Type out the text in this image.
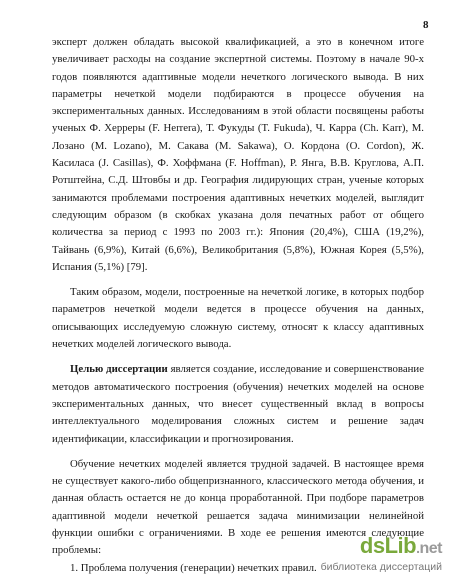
8

эксперт должен обладать высокой квалификацией, а это в конечном итоге увеличивает расходы на создание экспертной системы. Поэтому в начале 90-х годов появляются адаптивные модели нечеткого логического вывода. В них параметры нечеткой модели подбираются в процессе обучения на экспериментальных данных. Исследованиям в этой области посвящены работы ученых Ф. Херреры (F. Herrera), Т. Фукуды (T. Fukuda), Ч. Карра (Ch. Karr), М. Лозано (M. Lozano), М. Сакава (M. Sakawa), О. Кордона (O. Cordon), Ж. Касиласа (J. Casillas), Ф. Хоффмана (F. Hoffman), Р. Янга, В.В. Круглова, А.П. Ротштейна, С.Д. Штовбы и др. География лидирующих стран, ученые которых занимаются проблемами построения адаптивных нечетких моделей, выглядит следующим образом (в скобках указана доля печатных работ от общего количества за период с 1993 по 2003 гг.): Япония (20,4%), США (19,2%), Тайвань (6,9%), Китай (6,6%), Великобритания (5,8%), Южная Корея (5,5%), Испания (5,1%) [79].

Таким образом, модели, построенные на нечеткой логике, в которых подбор параметров нечеткой модели ведется в процессе обучения на данных, описывающих исследуемую сложную систему, относят к классу адаптивных нечетких моделей логического вывода.

Целью диссертации является создание, исследование и совершенствование методов автоматического построения (обучения) нечетких моделей на основе экспериментальных данных, что внесет существенный вклад в вопросы интеллектуального моделирования сложных систем и решение задач идентификации, классификации и прогнозирования.

Обучение нечетких моделей является трудной задачей. В настоящее время не существует какого-либо общепризнанного, классического метода обучения, и данная область остается не до конца проработанной. При подборе параметров адаптивной модели нечеткой решается задача минимизации нелинейной функции ошибки с ограничениями. В ходе ее решения имеются следующие проблемы:

1. Проблема получения (генерации) нечетких правил.

dsLib.net
библиотека диссертаций
